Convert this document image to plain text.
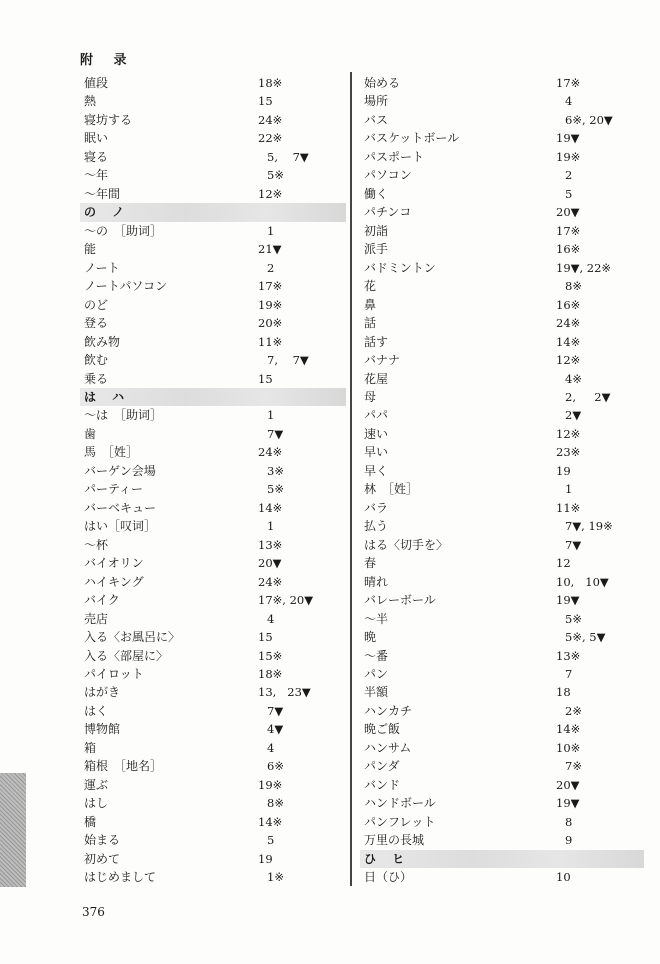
附 录
値段	18※
熱	15
寝坊する	24※
眠い	22※
寝る	5,    7▼
～年	5※
～年間	12※
の ノ
～の　［助词］	1
能	21▼
ノート	2
ノートパソコン	17※
のど	19※
登る	20※
飲み物	11※
飲む	7,    7▼
乗る	15
は ハ
～は　［助词］	1
歯	7▼
馬　［姓］	24※
バーゲン会場	3※
パーティー	5※
バーベキュー	14※
はい［叹词］	1
～杯	13※
バイオリン	20▼
ハイキング	24※
バイク	17※, 20▼
売店	4
入る〈お風呂に〉	15
入る〈部屋に〉	15※
パイロット	18※
はがき	13,   23▼
はく	7▼
博物館	4▼
箱	4
箱根　［地名］	6※
運ぶ	19※
はし	8※
橋	14※
始まる	5
初めて	19
はじめまして	1※
始める	17※
場所	4
バス	6※, 20▼
バスケットボール	19▼
パスポート	19※
パソコン	2
働く	5
パチンコ	20▼
初詣	17※
派手	16※
バドミントン	19▼, 22※
花	8※
鼻	16※
話	24※
話す	14※
バナナ	12※
花屋	4※
母	2,     2▼
パパ	2▼
速い	12※
早い	23※
早く	19
林　［姓］	1
バラ	11※
払う	7▼, 19※
はる〈切手を〉	7▼
春	12
晴れ	10,   10▼
バレーボール	19▼
～半	5※
晩	5※, 5▼
～番	13※
パン	7
半額	18
ハンカチ	2※
晩ご飯	14※
ハンサム	10※
パンダ	7※
バンド	20▼
ハンドボール	19▼
パンフレット	8
万里の長城	9
ひ ヒ
日（ひ）	10
376
